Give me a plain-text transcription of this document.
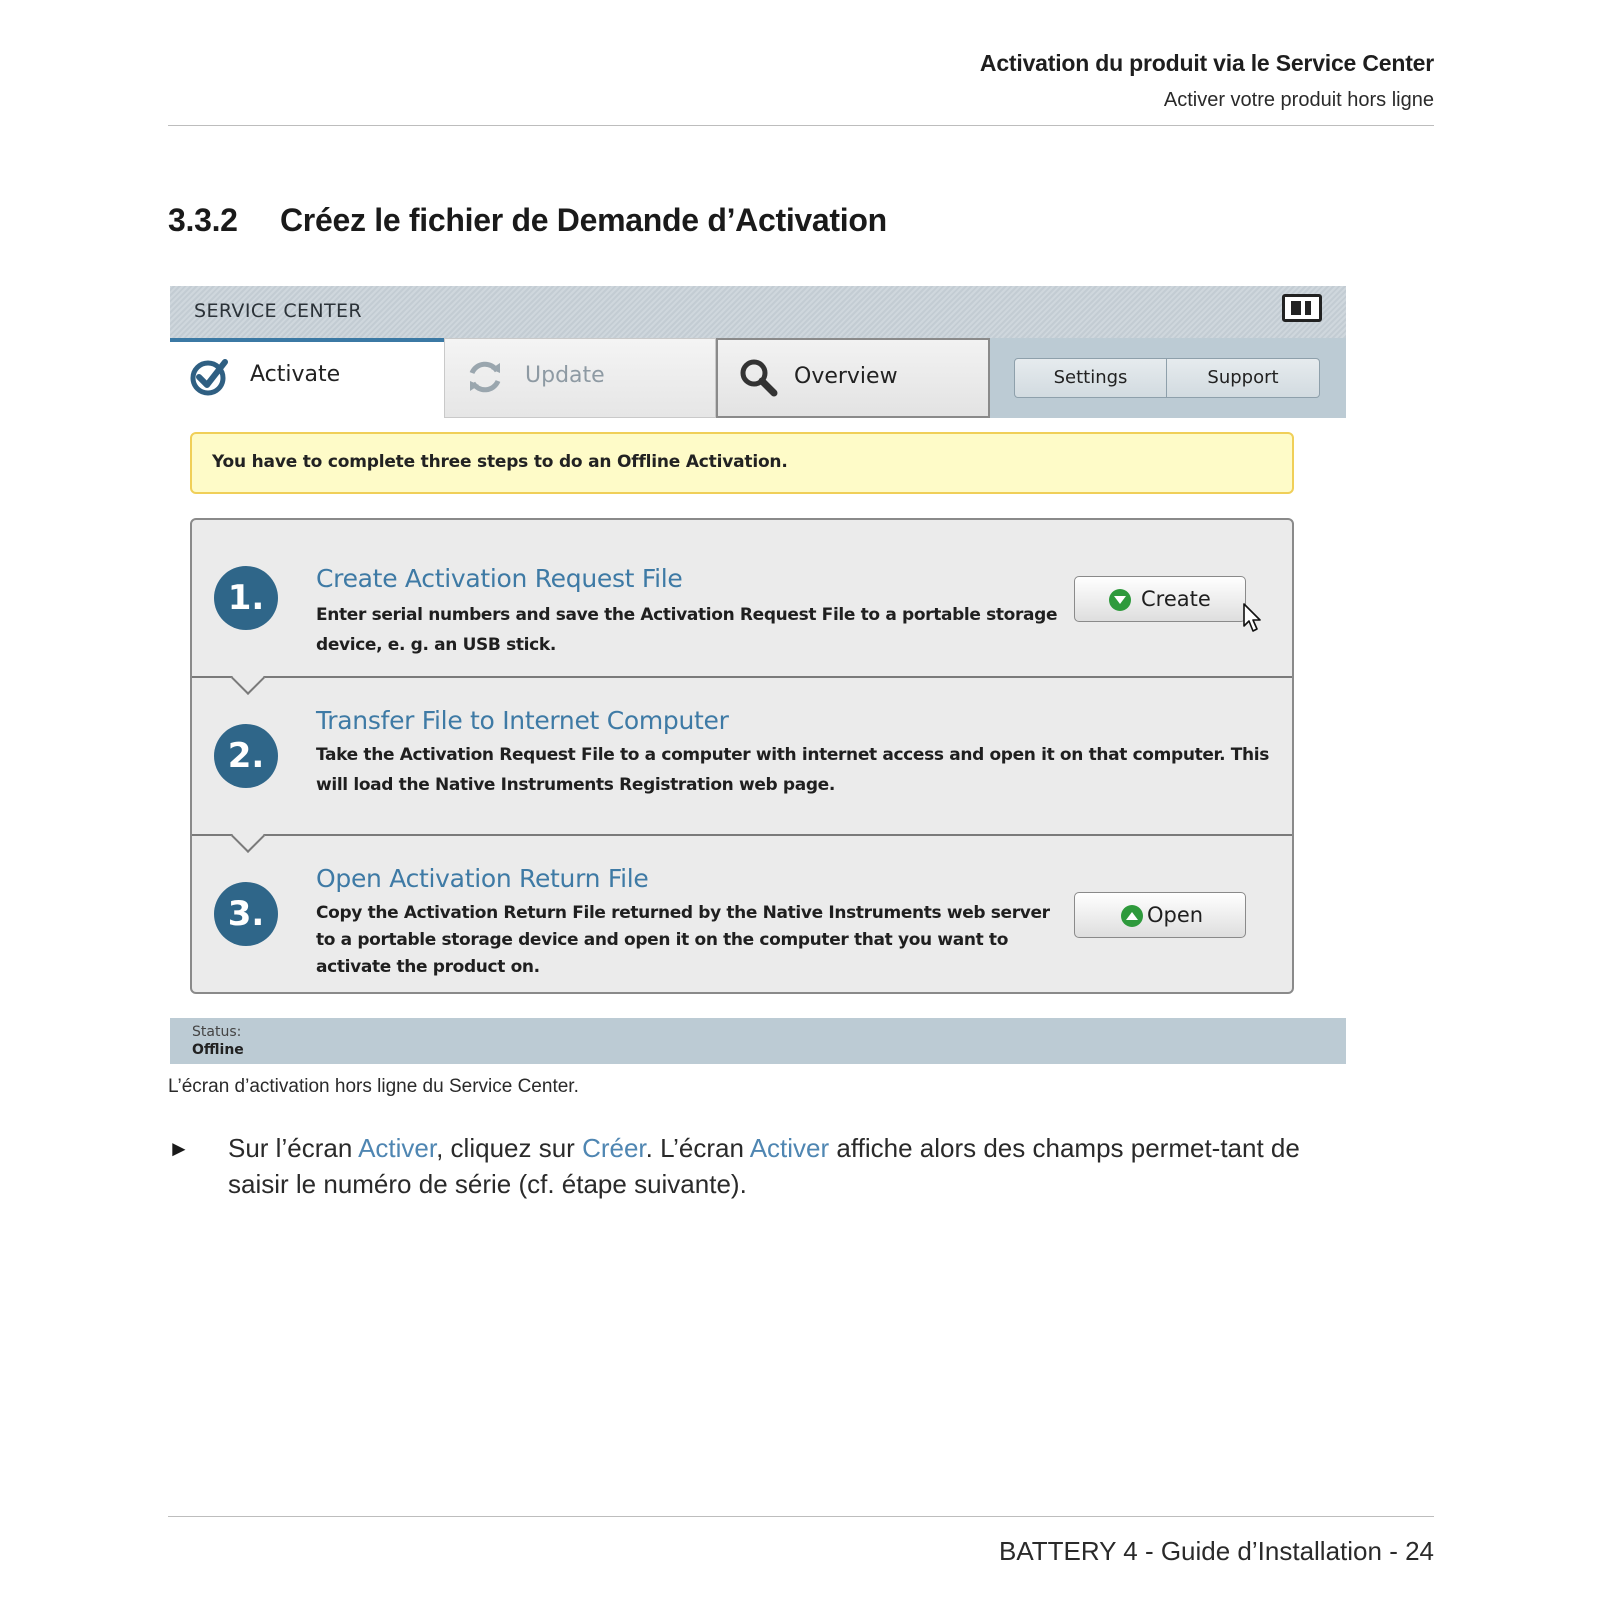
Activation du produit via le Service Center
Activer votre produit hors ligne
3.3.2 Créez le fichier de Demande d’Activation
SERVICE CENTER
Activate	Update	Overview	Settings	Support
You have to complete three steps to do an Offline Activation.
1.	Create Activation Request File
Enter serial numbers and save the Activation Request File to a portable storage device, e. g. an USB stick.
Create
2.
Transfer File to Internet Computer
Take the Activation Request File to a computer with internet access and open it on that computer. This will load the Native Instruments Registration web page.
3.
Open Activation Return File
Copy the Activation Return File returned by the Native Instruments web server to a portable storage device and open it on the computer that you want to activate the product on.
Open
Status:
Offline
L’écran d’activation hors ligne du Service Center.
► Sur l’écran Activer, cliquez sur Créer. L’écran Activer affiche alors des champs permet-tant de saisir le numéro de série (cf. étape suivante).
BATTERY 4 - Guide d’Installation - 24
